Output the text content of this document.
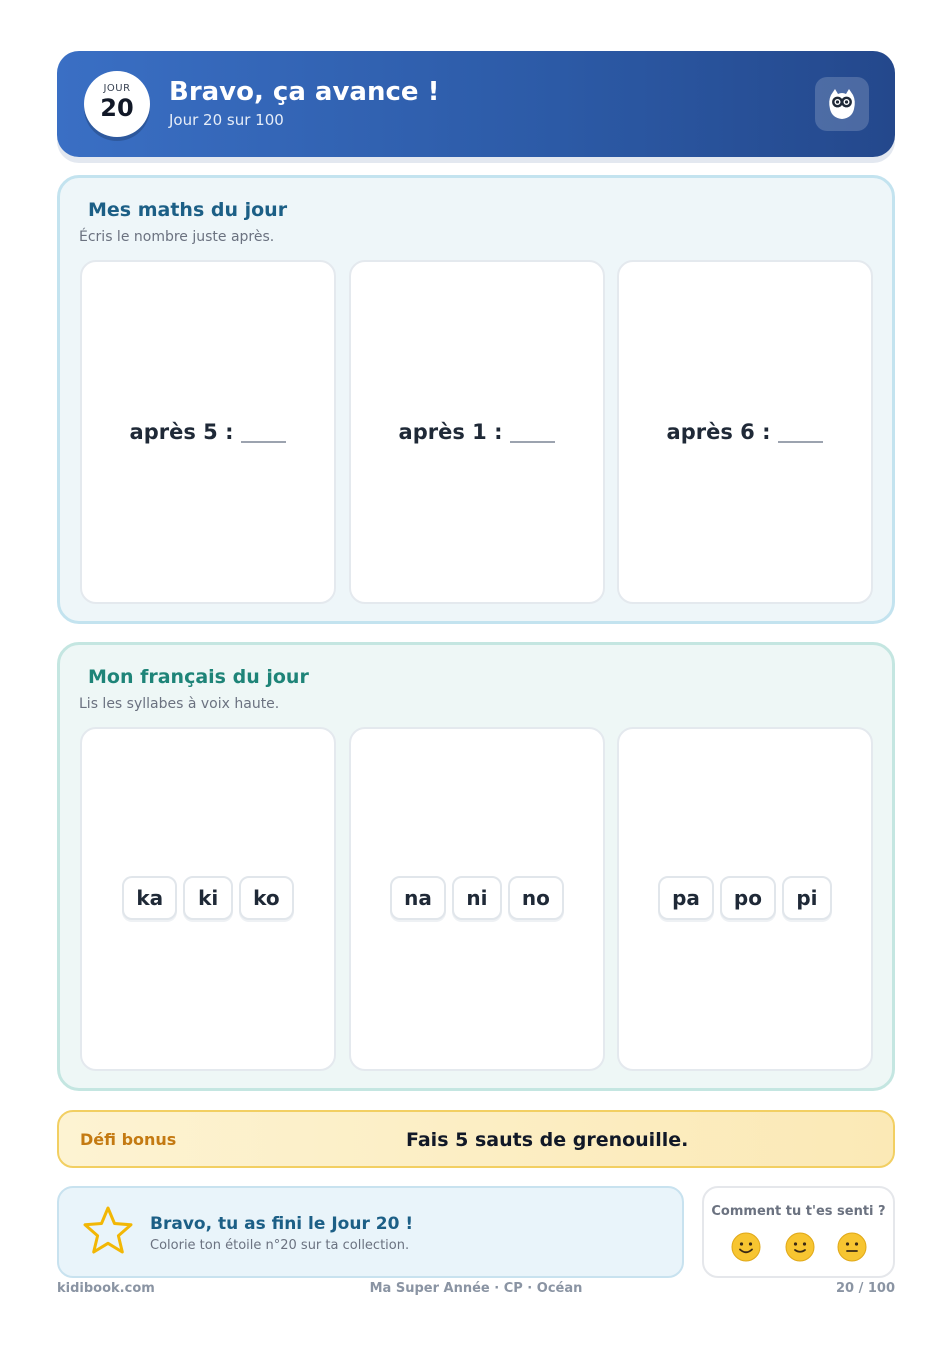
JOUR
20
Bravo, ça avance !
Jour 20 sur 100
Mes maths du jour
Écris le nombre juste après.
après 5 :	après 1 :	après 6 :
Mon français du jour
Lis les syllabes à voix haute.
ka ki ko	na ni no	pa po pi
Défi bonus	Fais 5 sauts de grenouille.
Bravo, tu as fini le Jour 20 !
Colorie ton étoile n°20 sur ta collection.
Comment tu t'es senti ?
kidibook.com	Ma Super Année · CP · Océan	20 / 100
